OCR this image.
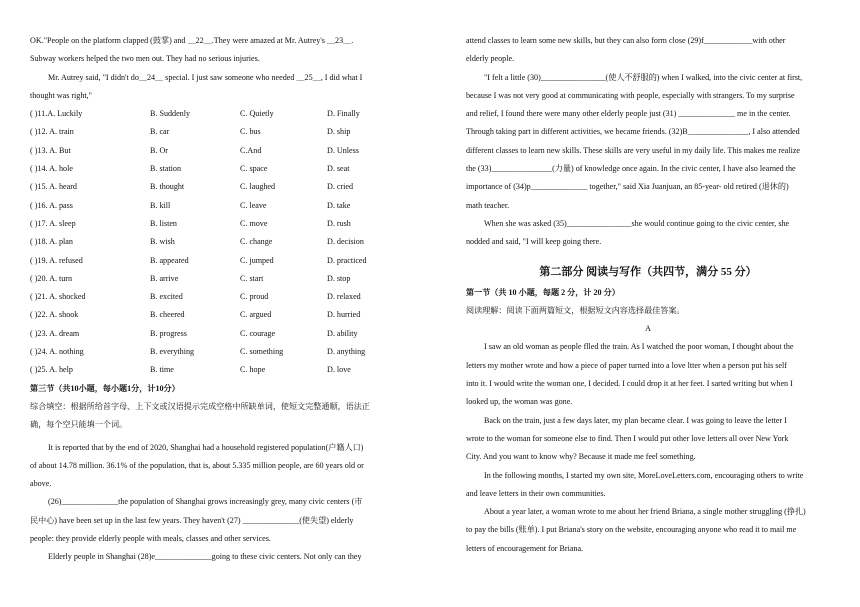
OK."People on the platform clapped (鼓掌) and ＿22＿.They were amazed at Mr. Autrey's ＿23＿.
Subway workers helped the two men out. They had no serious injuries.
Mr. Autrey said, "I didn't do＿24＿ special. I just saw someone who needed ＿25＿, I did what I
thought was right,"
( )11.A. Luckily	B. Suddenly	C. Quietly	D. Finally
( )12. A. train	B. car	C. bus	D. ship
( )13. A. But	B. Or	C.And	D. Unless
( )14. A. hole	B. station	C. space	D. seat
( )15. A. heard	B. thought	C. laughed	D. cried
( )16. A. pass	B. kill	C. leave	D. take
( )17. A. sleep	B. listen	C. move	D. rush
( )18. A. plan	B. wish	C. change	D. decision
( )19. A. refused	B. appeared	C. jumped	D. practiced
( )20. A. turn	B. arrive	C. start	D. stop
( )21. A. shocked	B. excited	C. proud	D. relaxed
( )22. A. shook	B. cheered	C. argued	D. hurried
( )23. A. dream	B. progress	C. courage	D. ability
( )24. A. nothing	B. everything	C. something	D. anything
( )25. A. help	B. time	C. hope	D. love
第三节（共10小题，每小题1分，计10分）
综合填空：根据所给首字母、上下文或汉语提示完成空格中所缺单词，使短文完整通顺，语法正
确，每个空只能填一个词。
It is reported that by the end of 2020, Shanghai had a household registered population(户籍人口)
of about 14.78 million. 36.1% of the population, that is, about 5.335 million people, are 60 years old or
above.
(26)______________the population of Shanghai grows increasingly grey, many civic centers (市
民中心) have been set up in the last few years. They haven't (27) ______________(使失望) elderly
people: they provide elderly people with meals, classes and other services.
Elderly people in Shanghai (28)e______________going to these civic centers. Not only can they
attend classes to learn some new skills, but they can also form close (29)f____________with other
elderly people.
"I felt a little (30)________________(使人不舒服的) when I walked, into the civic center at first,
because I was not very good at communicating with people, especially with strangers. To my surprise
and relief, I found there were many other elderly people just (31) ______________ me in the center.
Through taking part in different activities, we became friends. (32)B_______________, I also attended
different classes to learn new skills. These skills are very useful in my daily life. This makes me realize
the (33)_______________(力量) of knowledge once again. In the civic center, I have also learned the
importance of (34)p______________ together," said Xia Juanjuan, an 85-year- old retired (退休的)
math teacher.
When she was asked (35)________________she would continue going to the civic center, she
nodded and said, "I will keep going there.
第二部分 阅读与写作（共四节，满分 55 分）
第一节（共 10 小题，每题 2 分，计 20 分）
阅读理解：阅读下面两篇短文，根据短文内容选择最佳答案。
A
I saw an old woman as people flled the train. As I watched the poor woman, I thought about the
letters my mother wrote and how a piece of paper turned into a love ltter when a person put his self
into it. I would write the woman one, I decided. I could drop it at her feet. I sarted writing but when I
looked up, the woman was gone.
Back on the train, just a few days later, my plan became clear. I was going to leave the letter I
wrote to the woman for someone else to find. Then I would put other love letters all over New York
City. And you want to know why? Because it made me feel something.
In the following months, I started my own site, MoreLoveLetters.com, encouraging others to write
and leave letters in their own communities.
About a year later, a woman wrote to me about her friend Briana, a single mother struggling (挣扎)
to pay the bills (账单). I put Briana's story on the website, encouraging anyone who read it to mail me
letters of encouragement for Briana.
